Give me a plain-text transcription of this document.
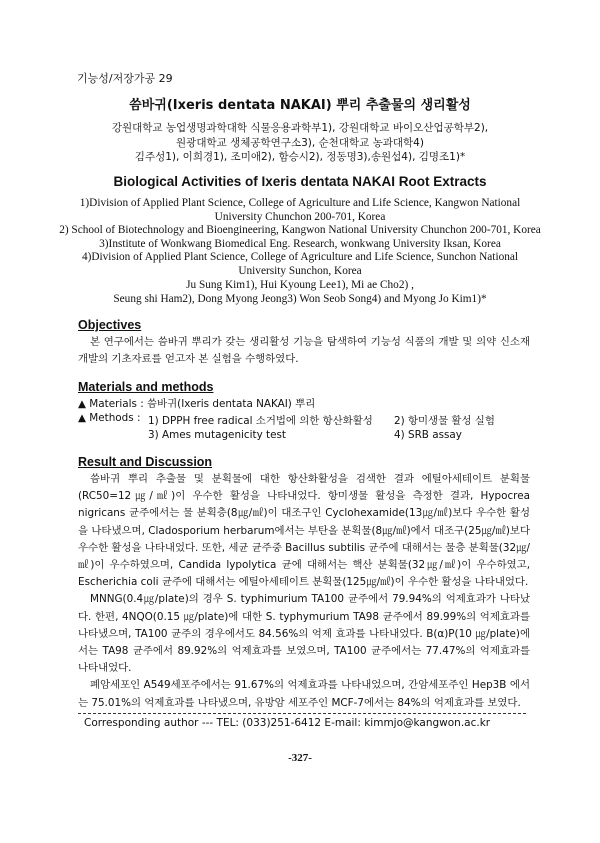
기능성/저장가공 29
씀바귀(Ixeris dentata NAKAI) 뿌리 추출물의 생리활성
강원대학교 농업생명과학대학 식물응용과학부1), 강원대학교 바이오산업공학부2),
원광대학교 생체공학연구소3), 순천대학교 농과대학4)
김주성1), 이희경1), 조미애2), 함승시2), 정동명3),송원섭4), 김명조1)*
Biological Activities of Ixeris dentata NAKAI Root Extracts
1)Division of Applied Plant Science, College of Agriculture and Life Science, Kangwon National
University Chunchon 200-701, Korea
2) School of Biotechnology and Bioengineering, Kangwon National University Chunchon 200-701, Korea
3)Institute of Wonkwang Biomedical Eng. Research, wonkwang University Iksan, Korea
4)Division of Applied Plant Science, College of Agriculture and Life Science, Sunchon National
University Sunchon, Korea
Ju Sung Kim1), Hui Kyoung Lee1), Mi ae Cho2) ,
Seung shi Ham2), Dong Myong Jeong3) Won Seob Song4) and Myong Jo Kim1)*
Objectives

본 연구에서는 씀바귀 뿌리가 갖는 생리활성 기능을 탐색하여 기능성 식품의 개발 및 의약 신소재 개발의 기초자료를 얻고자 본 실험을 수행하였다.

Materials and methods
▲ Materials : 씀바귀(Ixeris dentata NAKAI) 뿌리
▲ Methods : 1) DPPH free radical 소거법에 의한 항산화활성 2) 항미생물 활성 실험
3) Ames mutagenicity test	4) SRB assay
Result and Discussion

씀바귀 뿌리 추출물 및 분획물에 대한 항산화활성을 검색한 결과 에틸아세테이트 분획물(RC50=12㎍/㎖)이 우수한 활성을 나타내었다. 항미생물 활성을 측정한 결과, Hypocrea nigricans 균주에서는 물 분획층(8㎍/㎖)이 대조구인 Cyclohexamide(13㎍/㎖)보다 우수한 활성을 나타냈으며, Cladosporium herbarum에서는 부탄올 분획물(8㎍/㎖)에서 대조구(25㎍/㎖)보다 우수한 활성을 나타내었다. 또한, 세균 균주중 Bacillus subtilis 균주에 대해서는 물층 분획물(32㎍/㎖)이 우수하였으며, Candida lypolytica 균에 대해서는 핵산 분획물(32㎍/㎖)이 우수하였고, Escherichia coli 균주에 대해서는 에틸아세테이트 분획물(125㎍/㎖)이 우수한 활성을 나타내었다.

MNNG(0.4㎍/plate)의 경우 S. typhimurium TA100 균주에서 79.94%의 억제효과가 나타났다. 한편, 4NQO(0.15 ㎍/plate)에 대한 S. typhymurium TA98 균주에서 89.99%의 억제효과를 나타냈으며, TA100 균주의 경우에서도 84.56%의 억제 효과를 나타내었다. B(α)P(10 ㎍/plate)에서는 TA98 균주에서 89.92%의 억제효과를 보였으며, TA100 균주에서는 77.47%의 억제효과를 나타내었다.

폐암세포인 A549세포주에서는 91.67%의 억제효과를 나타내었으며, 간암세포주인 Hep3B 에서는 75.01%의 억제효과를 나타냈으며, 유방암 세포주인 MCF-7에서는 84%의 억제효과를 보였다.

Corresponding author --- TEL: (033)251-6412 E-mail: kimmjo@kangwon.ac.kr
-327-
